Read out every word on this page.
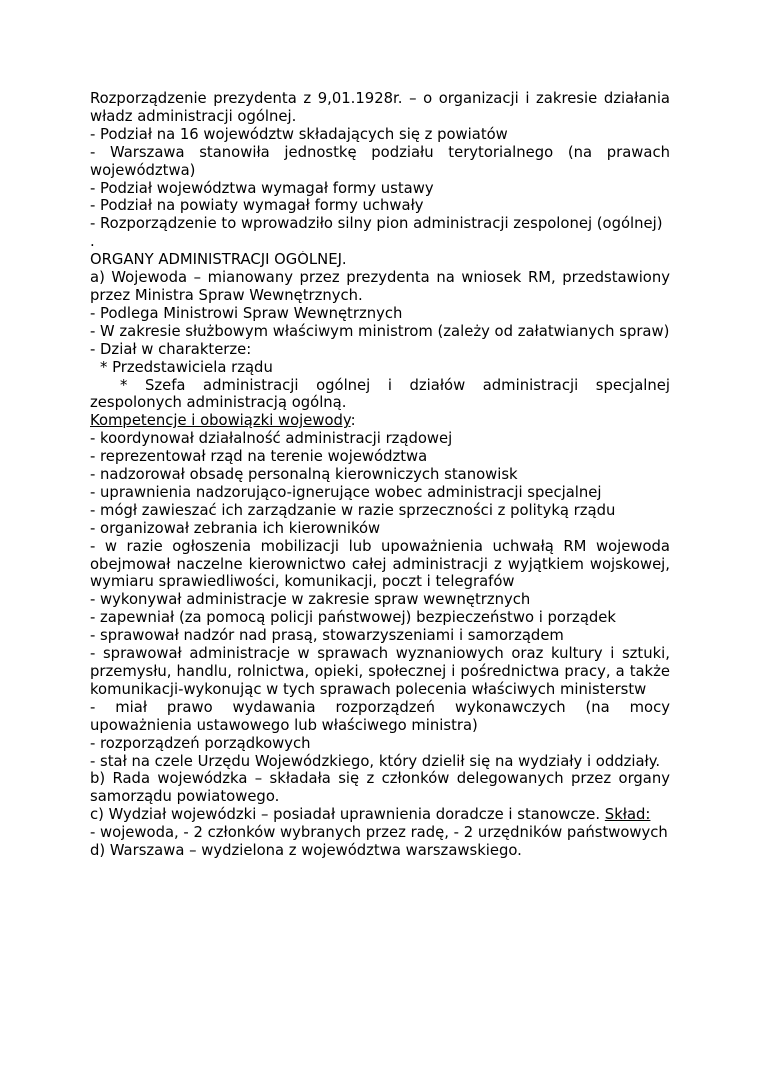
Rozporządzenie prezydenta z 9,01.1928r. – o organizacji i zakresie działania władz administracji ogólnej.

- Podział na 16 województw składających się z powiatów

- Warszawa stanowiła jednostkę podziału terytorialnego (na prawach województwa)

- Podział województwa wymagał formy ustawy

- Podział na powiaty wymagał formy uchwały

- Rozporządzenie to wprowadziło silny pion administracji zespolonej (ogólnej)

.

ORGANY ADMINISTRACJI OGÓLNEJ.

a) Wojewoda – mianowany przez prezydenta na wniosek RM, przedstawiony przez Ministra Spraw Wewnętrznych.

- Podlega Ministrowi Spraw Wewnętrznych

- W zakresie służbowym właściwym ministrom (zależy od załatwianych spraw)

- Dział w charakterze:

* Przedstawiciela rządu

* Szefa administracji ogólnej i działów administracji specjalnej zespolonych administracją ogólną.

Kompetencje i obowiązki wojewody:

- koordynował działalność administracji rządowej

- reprezentował rząd na terenie województwa

- nadzorował obsadę personalną kierowniczych stanowisk

- uprawnienia nadzorująco-ignerujące wobec administracji specjalnej

- mógł zawieszać ich zarządzanie w razie sprzeczności z polityką rządu

- organizował zebrania ich kierowników

- w razie ogłoszenia mobilizacji lub upoważnienia uchwałą RM wojewoda obejmował naczelne kierownictwo całej administracji z wyjątkiem wojskowej, wymiaru sprawiedliwości, komunikacji, poczt i telegrafów

- wykonywał administracje w zakresie spraw wewnętrznych

- zapewniał (za pomocą policji państwowej) bezpieczeństwo i porządek

- sprawował nadzór nad prasą, stowarzyszeniami i samorządem

- sprawował administracje w sprawach wyznaniowych oraz kultury i sztuki, przemysłu, handlu, rolnictwa, opieki, społecznej i pośrednictwa pracy, a także komunikacji-wykonując w tych sprawach polecenia właściwych ministerstw

- miał prawo wydawania rozporządzeń wykonawczych (na mocy upoważnienia ustawowego lub właściwego ministra)

- rozporządzeń porządkowych

- stał na czele Urzędu Wojewódzkiego, który dzielił się na wydziały i oddziały.

b) Rada wojewódzka – składała się z członków delegowanych przez organy samorządu powiatowego.

c) Wydział wojewódzki – posiadał uprawnienia doradcze i stanowcze. Skład:

- wojewoda, - 2 członków wybranych przez radę, - 2 urzędników państwowych

d) Warszawa – wydzielona z województwa warszawskiego.
